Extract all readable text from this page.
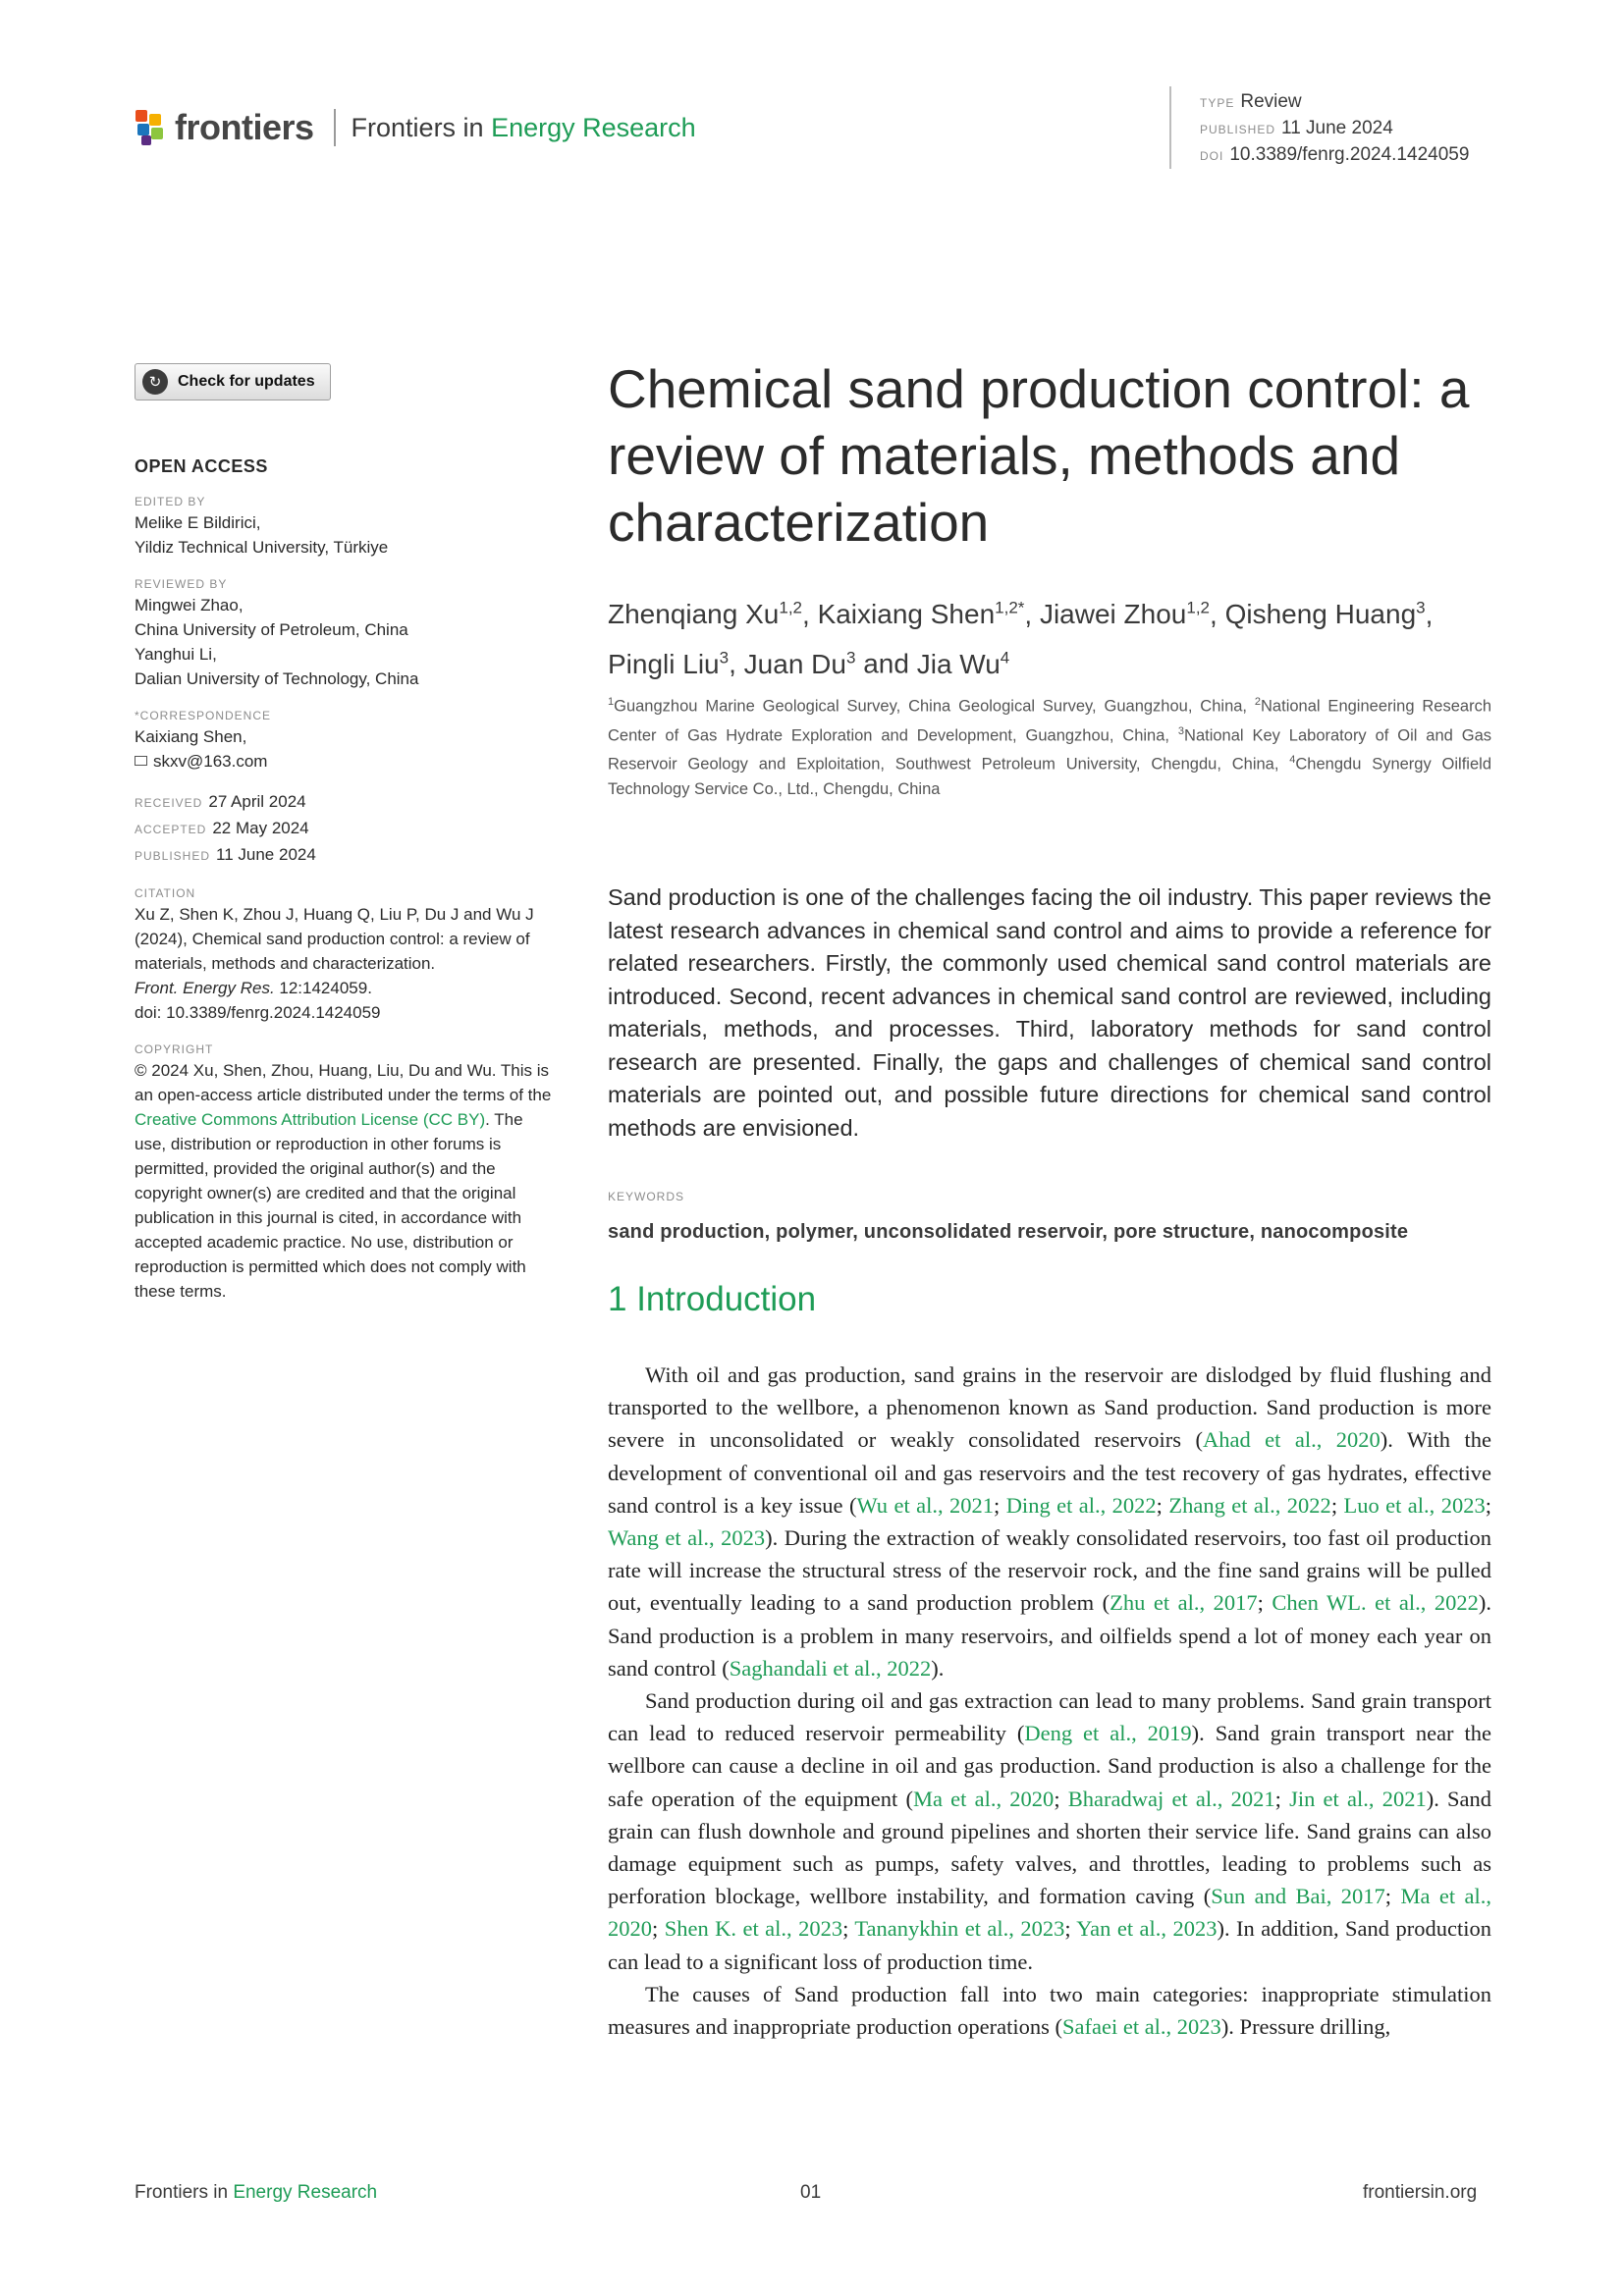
frontiers Frontiers in Energy Research
TYPE Review
PUBLISHED 11 June 2024
DOI 10.3389/fenrg.2024.1424059
↻	Check for updates
OPEN ACCESS
EDITED BY
Melike E Bildirici,
Yildiz Technical University, Türkiye
REVIEWED BY
Mingwei Zhao,
China University of Petroleum, China
Yanghui Li,
Dalian University of Technology, China
*CORRESPONDENCE
Kaixiang Shen,
skxv@163.com
RECEIVED 27 April 2024
ACCEPTED 22 May 2024
PUBLISHED 11 June 2024
CITATION
Xu Z, Shen K, Zhou J, Huang Q, Liu P, Du J and Wu J (2024), Chemical sand production control: a review of materials, methods and characterization.
Front. Energy Res. 12:1424059.
doi: 10.3389/fenrg.2024.1424059
COPYRIGHT
© 2024 Xu, Shen, Zhou, Huang, Liu, Du and Wu. This is an open-access article distributed under the terms of the Creative Commons Attribution License (CC BY). The use, distribution or reproduction in other forums is permitted, provided the original author(s) and the copyright owner(s) are credited and that the original publication in this journal is cited, in accordance with accepted academic practice. No use, distribution or reproduction is permitted which does not comply with these terms.
Chemical sand production control: a review of materials, methods and characterization
Zhenqiang Xu$^{1,2}$, Kaixiang Shen$^{1,2*}$, Jiawei Zhou$^{1,2}$, Qisheng Huang$^3$, Pingli Liu$^3$, Juan Du$^3$ and Jia Wu$^4$
$^1$Guangzhou Marine Geological Survey, China Geological Survey, Guangzhou, China, $^2$National Engineering Research Center of Gas Hydrate Exploration and Development, Guangzhou, China, $^3$National Key Laboratory of Oil and Gas Reservoir Geology and Exploitation, Southwest Petroleum University, Chengdu, China, $^4$Chengdu Synergy Oilfield Technology Service Co., Ltd., Chengdu, China
Sand production is one of the challenges facing the oil industry. This paper reviews the latest research advances in chemical sand control and aims to provide a reference for related researchers. Firstly, the commonly used chemical sand control materials are introduced. Second, recent advances in chemical sand control are reviewed, including materials, methods, and processes. Third, laboratory methods for sand control research are presented. Finally, the gaps and challenges of chemical sand control materials are pointed out, and possible future directions for chemical sand control methods are envisioned.
KEYWORDS
sand production, polymer, unconsolidated reservoir, pore structure, nanocomposite
1 Introduction

With oil and gas production, sand grains in the reservoir are dislodged by fluid flushing and transported to the wellbore, a phenomenon known as Sand production. Sand production is more severe in unconsolidated or weakly consolidated reservoirs (Ahad et al., 2020). With the development of conventional oil and gas reservoirs and the test recovery of gas hydrates, effective sand control is a key issue (Wu et al., 2021; Ding et al., 2022; Zhang et al., 2022; Luo et al., 2023; Wang et al., 2023). During the extraction of weakly consolidated reservoirs, too fast oil production rate will increase the structural stress of the reservoir rock, and the fine sand grains will be pulled out, eventually leading to a sand production problem (Zhu et al., 2017; Chen WL. et al., 2022). Sand production is a problem in many reservoirs, and oilfields spend a lot of money each year on sand control (Saghandali et al., 2022).

Sand production during oil and gas extraction can lead to many problems. Sand grain transport can lead to reduced reservoir permeability (Deng et al., 2019). Sand grain transport near the wellbore can cause a decline in oil and gas production. Sand production is also a challenge for the safe operation of the equipment (Ma et al., 2020; Bharadwaj et al., 2021; Jin et al., 2021). Sand grain can flush downhole and ground pipelines and shorten their service life. Sand grains can also damage equipment such as pumps, safety valves, and throttles, leading to problems such as perforation blockage, wellbore instability, and formation caving (Sun and Bai, 2017; Ma et al., 2020; Shen K. et al., 2023; Tananykhin et al., 2023; Yan et al., 2023). In addition, Sand production can lead to a significant loss of production time.

The causes of Sand production fall into two main categories: inappropriate stimulation measures and inappropriate production operations (Safaei et al., 2023). Pressure drilling,

Frontiers in Energy Research	01	frontiersin.org
